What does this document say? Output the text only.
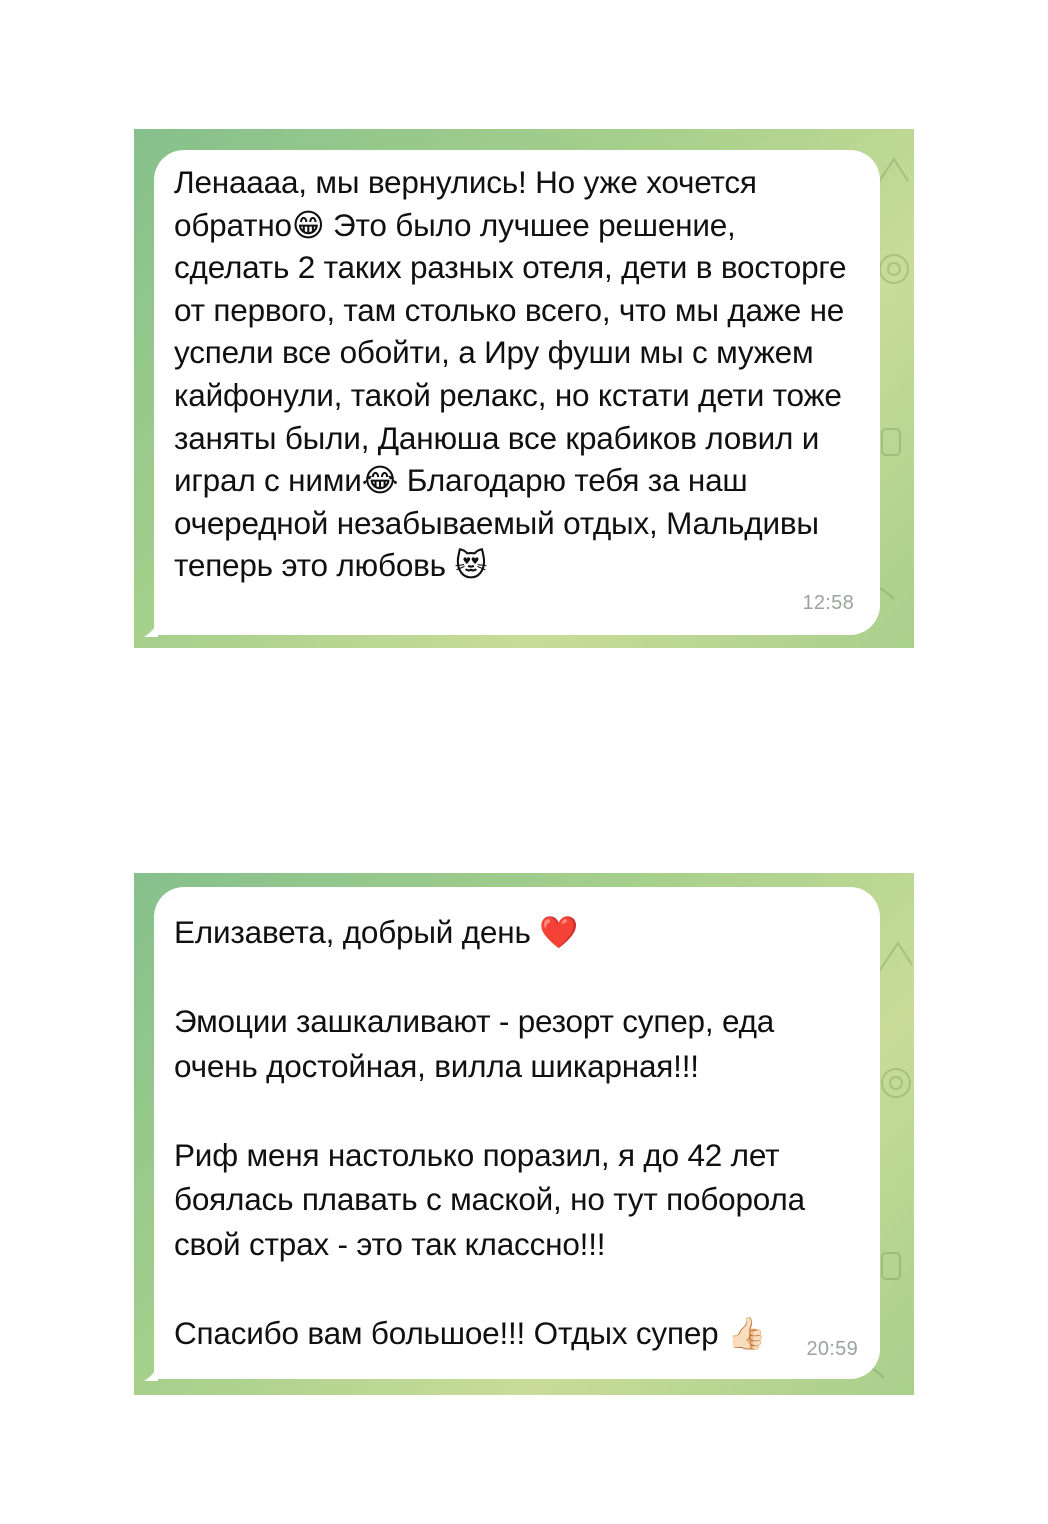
Ленаааа, мы вернулись! Но уже хочется обратно😁 Это было лучшее решение, сделать 2 таких разных отеля, дети в восторге от первого, там столько всего, что мы даже не успели все обойти, а Иру фуши мы с мужем кайфонули, такой релакс, но кстати дети тоже заняты были, Данюша все крабиков ловил и играл с ними😂 Благодарю тебя за наш очередной незабываемый отдых, Мальдивы теперь это любовь 😻

12:58

Елизавета, добрый день ❤️

Эмоции зашкаливают - резорт супер, еда очень достойная, вилла шикарная!!!

Риф меня настолько поразил, я до 42 лет боялась плавать с маской, но тут поборола свой страх - это так классно!!!

Спасибо вам большое!!! Отдых супер 👍🏻	20:59
